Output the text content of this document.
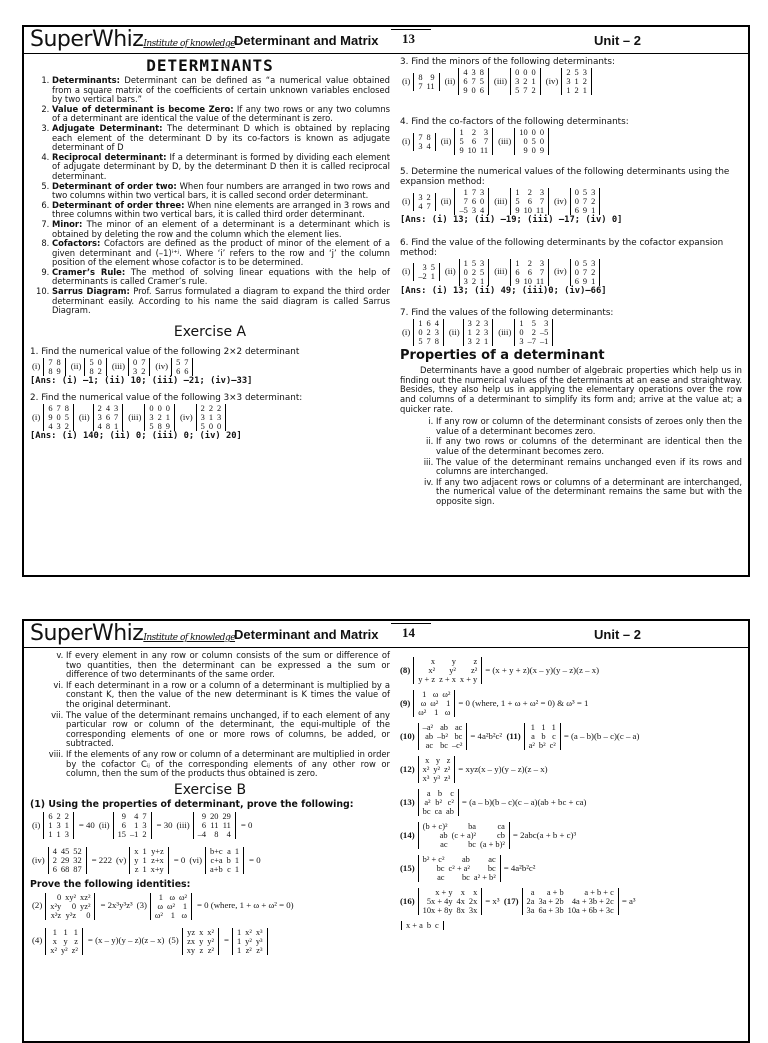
SuperWhizInstitute of knowledge
Determinant and Matrix 13	Unit – 2
DETERMINANTS
1. Determinants: Determinant can be defined as “a numerical value obtained from a square matrix of the coefficients of certain unknown variables enclosed by two vertical bars.”
2. Value of determinant is become Zero: If any two rows or any two columns of a determinant are identical the value of the determinant is zero.
3. Adjugate Determinant: The determinant D which is obtained by replacing each element of the determinant D by its co-factors is known as adjugate determinant of D
4. Reciprocal determinant: If a determinant is formed by dividing each element of adjugate determinant by D, by the determinant D then it is called reciprocal determinant.
5. Determinant of order two: When four numbers are arranged in two rows and two columns within two vertical bars, it is called second order determinant.
6. Determinant of order three: When nine elements are arranged in 3 rows and three columns within two vertical bars, it is called third order determinant.
7. Minor: The minor of an element of a determinant is a determinant which is obtained by deleting the row and the column which the element lies.
8. Cofactors: Cofactors are defined as the product of minor of the element of a given determinant and (–1)ⁱ⁺ʲ. Where ‘i’ refers to the row and ‘j’ the column position of the element whose cofactor is to be determined.
9. Cramer’s Rule: The method of solving linear equations with the help of determinants is called Cramer’s rule.
10. Sarrus Diagram: Prof. Sarrus formulated a diagram to expand the third order determinant easily. According to his name the said diagram is called Sarrus Diagram.
Exercise A
1. Find the numerical value of the following 2×2 determinant
(i) 7	8
8	9
(ii) 5	0
8	2
(iii) 0	7
3	2
(iv) 5	7
6	6
[Ans: (i) –1; (ii) 10; (iii) –21; (iv)–33]
2. Find the numerical value of the following 3×3 determinant:
(i)
6	7	8
9	0	5
4	3	2
(ii)
2	4	3
3	6	7
4	8	1
(iii)
0	0	0
3	2	1
5	8	9
(iv)
2	2	2
3	1	3
5	0	0
[Ans: (i) 140; (ii) 0; (iii) 0; (iv) 20]
3. Find the minors of the following determinants:
(i) 8	9
7	11
(ii)
4	3	8
6	7	5
9	0	6
(iii)
0	0	0
3	2	1
5	7	2
(iv)
2	5	3
3	1	2
1	2	1
4. Find the co-factors of the following determinants:
(i) 7	8
3	4
(ii)
1	2	3
5	6	7
9	10	11
(iii)
10	0	0
0	5	0
9	0	9
5. Determine the numerical values of the following determinants using the expansion method:
(i) 3	2
4	7
(ii)
1	7	3
7	6	0
–5	3	4
(iii)
1	2	3
5	6	7
9	10	11
(iv)
0	5	3
0	7	2
6	9	1
[Ans: (i) 13; (ii) –19; (iii) –17; (iv) 0]
6. Find the value of the following determinants by the cofactor expansion method:
(i) 3	5
–2	1
(ii)
1	5	3
0	2	5
3	2	1
(iii)
1	2	3
6	6	7
9	10	11
(iv)
0	5	3
0	7	2
6	9	1
[Ans: (i) 13; (ii) 49; (iii)0; (iv)–66]
7. Find the values of the following determinants:
(i)
1	6	4
0	2	3
5	7	8
(ii)
3	2	3
1	2	3
3	2	1
(iii)
1	5	3
0	2	–5
3	–7	–1
Properties of a determinant
Determinants have a good number of algebraic properties which help us in finding out the numerical values of the determinants at an ease and straightway. Besides, they also help us in applying the elementary operations over the row and columns of a determinant to simplify its form and; arrive at the value at; a quicker rate.
i. If any row or column of the determinant consists of zeroes only then the value of a determinant becomes zero.
ii. If any two rows or columns of the determinant are identical then the value of the determinant becomes zero.
iii. The value of the determinant remains unchanged even if its rows and columns are interchanged.
iv. If any two adjacent rows or columns of a determinant are interchanged, the numerical value of the determinant remains the same but with the opposite sign.
SuperWhizInstitute of knowledge
Determinant and Matrix 14	Unit – 2
v. If every element in any row or column consists of the sum or difference of two quantities, then the determinant can be expressed a the sum or difference of two determinants of the same order.
vi. If each determinant in a row or a column of a determinant is multiplied by a constant K, then the value of the new determinant is K times the value of the original determinant.
vii. The value of the determinant remains unchanged, if to each element of any particular row or column of the determinant, the equi-multiple of the corresponding elements of one or more rows of columns, be added, or subtracted.
viii. If the elements of any row or column of a determinant are multiplied in order by the cofactor Cᵢⱼ of the corresponding elements of any other row or column, then the sum of the products thus obtained is zero.
Exercise B
(1) Using the properties of determinant, prove the following:
(i)
6	2	2
1	3	1
1	1	3
= 40 (ii)
9	4	7
6	1	3
15	–1	2
= 30 (iii)
9	20	29
6	11	11
–4	8	4
= 0
(iv)
4	45	52
2	29	32
6	68	87
= 222 (v)
x	1	y+z
y	1	z+x
z	1	x+y
= 0 (vi)
b+c	a	1
c+a	b	1
a+b	c	1
= 0
Prove the following identities:
(2)
0	xy²	xz²
x²y	0	yz²
x²z	y²z	0
= 2x³y³z³ (3)
1	ω	ω²
ω	ω²	1
ω²	1	ω
= 0 (where, 1 + ω + ω² = 0)
(4)
1	1	1
x	y	z
x²	y²	z²
= (x – y)(y – z)(z – x) (5)
yz	x	x²
zx	y	y²
xy	z	z²
=
1	x²	x³
1	y²	y³
1	z²	z³
(8)
x	y	z
x²	y²	z²
y + z	z + x	x + y
= (x + y + z)(x – y)(y – z)(z – x)
(9)
1	ω	ω²
ω	ω²	1
ω²	1	ω
= 0 (where, 1 + ω + ω² = 0) & ω³ = 1
(10)
–a²	ab	ac
ab	–b²	bc
ac	bc	–c²
= 4a²b²c²
(11)
1	1	1
a	b	c
a²	b²	c²
= (a – b)(b – c)(c – a)
(12)
x	y	z
x²	y²	z²
x³	y³	z³
= xyz(x – y)(y – z)(z – x)
(13)
a	b	c
a²	b²	c²
bc	ca	ab
= (a – b)(b – c)(c – a)(ab + bc + ca)
(14)
(b + c)²	ba	ca
ab	(c + a)²	cb
ac	bc	(a + b)²
= 2abc(a + b + c)³
(15)
b² + c²	ab	ac
bc	c² + a²	bc
ac	bc	a² + b²
= 4a²b²c²
(16)
x + y	x	x
5x + 4y	4x	2x
10x + 8y	8x	3x
= x³
(17)
a	a + b	a + b + c
2a	3a + 2b	4a + 3b + 2c
3a	6a + 3b	10a + 6b + 3c
= a³
x + a	b	c
